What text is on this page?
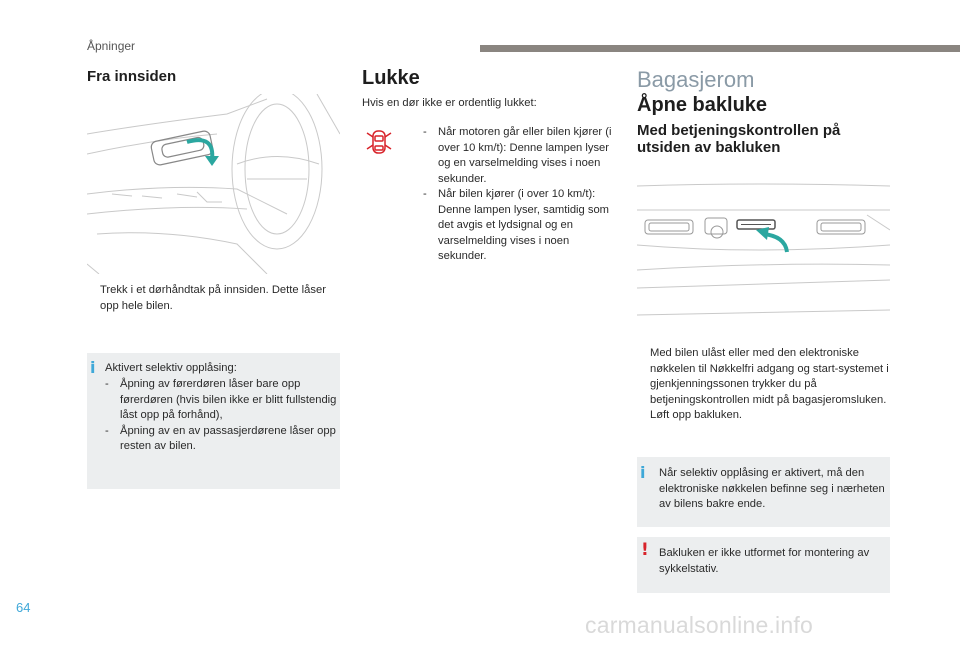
Åpninger
Fra innsiden
Trekk i et dørhåndtak på innsiden. Dette låser opp hele bilen.
i Aktivert selektiv opplåsing:
- Åpning av førerdøren låser bare opp førerdøren (hvis bilen ikke er blitt fullstendig låst opp på forhånd),
- Åpning av en av passasjerdørene låser opp resten av bilen.
Lukke
Hvis en dør ikke er ordentlig lukket:
- Når motoren går eller bilen kjører (i over 10 km/t): Denne lampen lyser og en varselmelding vises i noen sekunder.
- Når bilen kjører (i over 10 km/t): Denne lampen lyser, samtidig som det avgis et lydsignal og en varselmelding vises i noen sekunder.
Bagasjerom
Åpne bakluke
Med betjeningskontrollen på utsiden av bakluken
Med bilen ulåst eller med den elektroniske nøkkelen til Nøkkelfri adgang og start-systemet i gjenkjenningssonen trykker du på betjeningskontrollen midt på bagasjeromsluken.
Løft opp bakluken.
i Når selektiv opplåsing er aktivert, må den elektroniske nøkkelen befinne seg i nærheten av bilens bakre ende.
! Bakluken er ikke utformet for montering av sykkelstativ.
64
carmanualsonline.info
